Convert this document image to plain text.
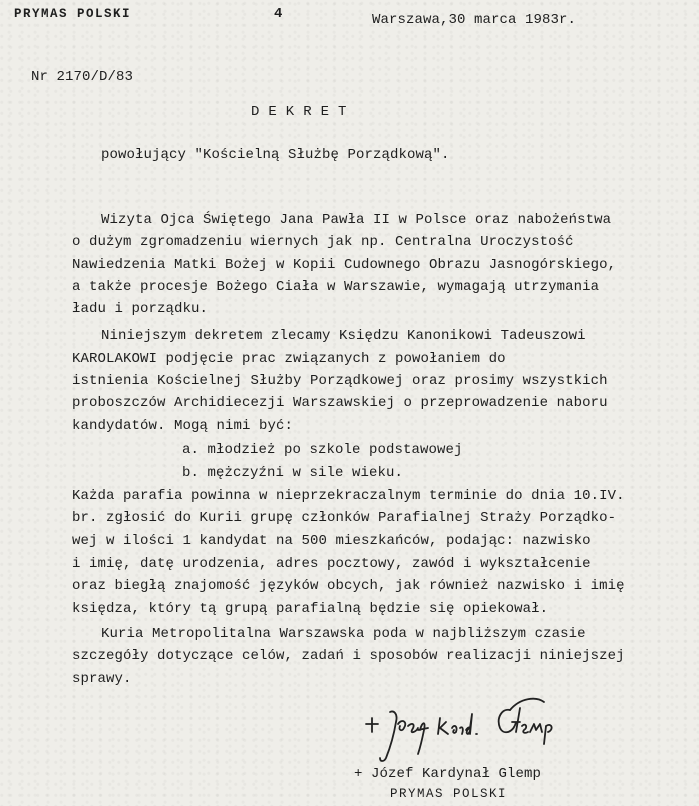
PRYMAS POLSKI	4	Warszawa,30 marca 1983r.
Nr 2170/D/83
DEKRET
powołujący "Kościelną Służbę Porządkową".
Wizyta Ojca Świętego Jana Pawła II w Polsce oraz nabożeństwa
o dużym zgromadzeniu wiernych jak np. Centralna Uroczystość
Nawiedzenia Matki Bożej w Kopii Cudownego Obrazu Jasnogórskiego,
a także procesje Bożego Ciała w Warszawie, wymagają utrzymania
ładu i porządku.
Niniejszym dekretem zlecamy Księdzu Kanonikowi Tadeuszowi
KAROLAKOWI podjęcie prac związanych z powołaniem do
istnienia Kościelnej Służby Porządkowej oraz prosimy wszystkich
proboszczów Archidiecezji Warszawskiej o przeprowadzenie naboru
kandydatów. Mogą nimi być:
a. młodzież po szkole podstawowej
b. mężczyźni w sile wieku.
Każda parafia powinna w nieprzekraczalnym terminie do dnia 10.IV.
br. zgłosić do Kurii grupę członków Parafialnej Straży Porządko-
wej w ilości 1 kandydat na 500 mieszkańców, podając: nazwisko
i imię, datę urodzenia, adres pocztowy, zawód i wykształcenie
oraz biegłą znajomość języków obcych, jak również nazwisko i imię
księdza, który tą grupą parafialną będzie się opiekował.
Kuria Metropolitalna Warszawska poda w najbliższym czasie
szczegóły dotyczące celów, zadań i sposobów realizacji niniejszej
sprawy.
+ Józef Kardynał Glemp
PRYMAS POLSKI
